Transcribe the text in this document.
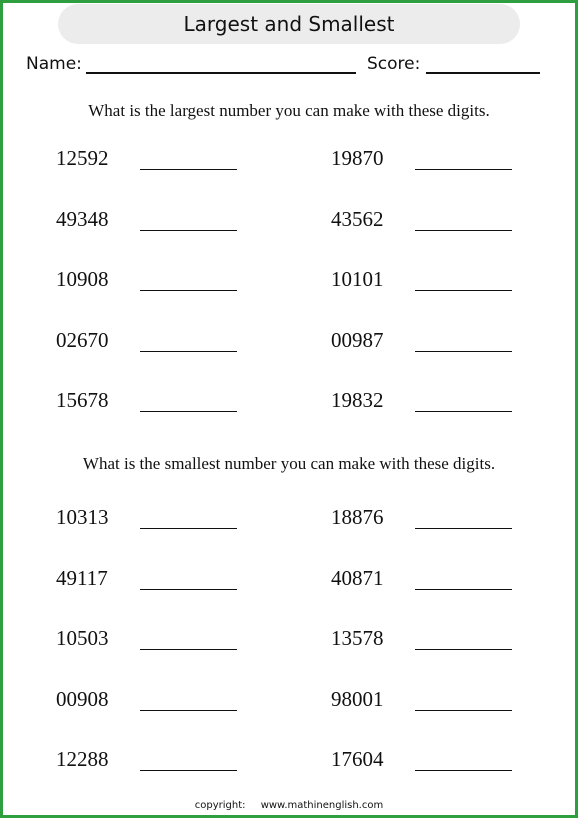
Largest and Smallest
Name:	Score:
What is the largest number you can make with these digits.
12592
49348
10908
02670
15678
19870
43562
10101
00987
19832
What is the smallest number you can make with these digits.
10313
49117
10503
00908
12288
18876
40871
13578
98001
17604
copyright: www.mathinenglish.com
